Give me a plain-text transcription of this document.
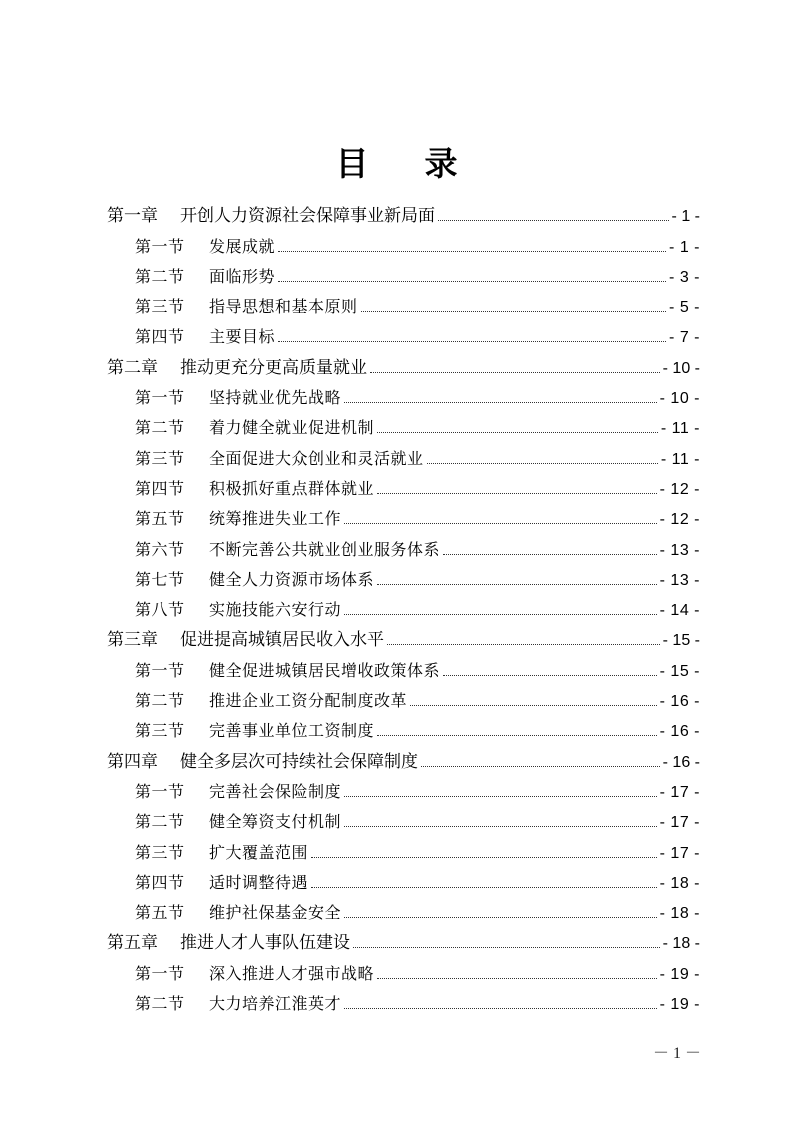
目 录
第一章	开创人力资源社会保障事业新局面	- 1 -
第一节	发展成就	- 1 -
第二节	面临形势	- 3 -
第三节	指导思想和基本原则	- 5 -
第四节	主要目标	- 7 -
第二章	推动更充分更高质量就业	- 10 -
第一节	坚持就业优先战略	- 10 -
第二节	着力健全就业促进机制	- 11 -
第三节	全面促进大众创业和灵活就业	- 11 -
第四节	积极抓好重点群体就业	- 12 -
第五节	统筹推进失业工作	- 12 -
第六节	不断完善公共就业创业服务体系	- 13 -
第七节	健全人力资源市场体系	- 13 -
第八节	实施技能六安行动	- 14 -
第三章	促进提高城镇居民收入水平	- 15 -
第一节	健全促进城镇居民增收政策体系	- 15 -
第二节	推进企业工资分配制度改革	- 16 -
第三节	完善事业单位工资制度	- 16 -
第四章	健全多层次可持续社会保障制度	- 16 -
第一节	完善社会保险制度	- 17 -
第二节	健全筹资支付机制	- 17 -
第三节	扩大覆盖范围	- 17 -
第四节	适时调整待遇	- 18 -
第五节	维护社保基金安全	- 18 -
第五章	推进人才人事队伍建设	- 18 -
第一节	深入推进人才强市战略	- 19 -
第二节	大力培养江淮英才	- 19 -
－ 1 －
